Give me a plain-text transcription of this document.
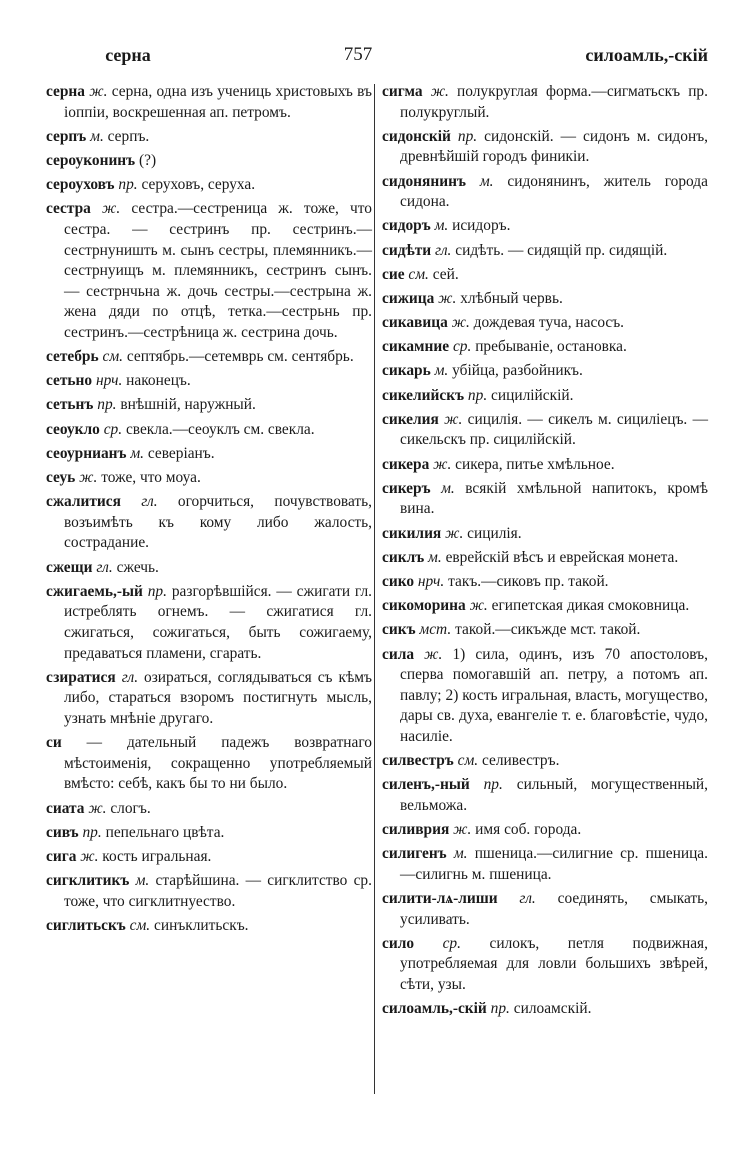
серна	757	силоамль,-скій

серна ж. серна, одна изъ учениць христовыхъ въ іоппіи, воскрешенная ап. петромъ.

серпъ м. серпъ.

сероуконинъ (?)

сероуховъ пр. серуховъ, серуха.

сестра ж. сестра.—сестреница ж. тоже, что сестра. — сестринъ пр. сестринъ.—сестрнуништь м. сынъ сестры, племянникъ.—сестрнуищъ м. племянникъ, сестринъ сынъ. — сестрнчьна ж. дочь сестры.—сестрына ж. жена дяди по отцѣ, тетка.—сестрьнь пр. сестринъ.—сестрѣница ж. сестрина дочь.

сетебрь см. септябрь.—сетемврь см. сентябрь.

сетьно нрч. наконецъ.

сетьнъ пр. внѣшній, наружный.

сеоукло ср. свекла.—сеоуклъ см. свекла.

сеоурнианъ м. северіанъ.

сеуь ж. тоже, что моуа.

сжалитися гл. огорчиться, почувствовать, возъимѣть къ кому либо жалость, сострадание.

сжещи гл. сжечь.

сжигаемь,-ый пр. разгорѣвшійся. — сжигати гл. истреблять огнемъ. — сжигатися гл. сжигаться, сожигаться, быть сожигаему, предаваться пламени, сгарать.

сзиратися гл. озираться, соглядываться съ кѣмъ либо, стараться взоромъ постигнуть мысль, узнать мнѣніе другаго.

си — дательный падежъ возвратнаго мѣстоименія, сокращенно употребляемый вмѣсто: себѣ, какъ бы то ни было.

сиата ж. слогъ.

сивъ пр. пепельнаго цвѣта.

сига ж. кость игральная.

сигклитикъ м. старѣйшина. — сигклитство ср. тоже, что сигклитнуество.

сиглитьскъ см. синъклитьскъ.

сигма ж. полукруглая форма.—сигматьскъ пр. полукруглый.

сидонскій пр. сидонскій. — сидонъ м. сидонъ, древнѣйшій городъ финикіи.

сидонянинъ м. сидонянинъ, житель города сидона.

сидоръ м. исидоръ.

сидѣти гл. сидѣть. — сидящій пр. сидящій.

сие см. сей.

сижица ж. хлѣбный червь.

сикавица ж. дождевая туча, насосъ.

сикамние ср. пребываніе, остановка.

сикарь м. убійца, разбойникъ.

сикелийскъ пр. сицилійскій.

сикелия ж. сицилія. — сикелъ м. сицилiецъ. — сикельскъ пр. сицилійскій.

сикера ж. сикера, питье хмѣльное.

сикеръ м. всякій хмѣльной напитокъ, кромѣ вина.

сикилия ж. сицилія.

сиклъ м. еврейскій вѣсъ и еврейская монета.

сико нрч. такъ.—сиковъ пр. такой.

сикоморина ж. египетская дикая смоковница.

сикъ мст. такой.—сикъжде мст. такой.

сила ж. 1) сила, одинъ, изъ 70 апостоловъ, сперва помогавшій ап. петру, а потомъ ап. павлу; 2) кость игральная, власть, могущество, дары св. духа, евангеліе т. е. благовѣстіе, чудо, насиліе.

силвестръ см. селивестръ.

силенъ,-ный пр. сильный, могущественный, вельможа.

силиврия ж. имя соб. города.

силигенъ м. пшеница.—силигние ср. пшеница.—силигнь м. пшеница.

силити-лѧ-лиши гл. соединять, смыкать, усиливать.

сило ср. силокъ, петля подвижная, употребляемая для ловли большихъ звѣрей, сѣти, узы.

силоамль,-скій пр. силоамскій.
